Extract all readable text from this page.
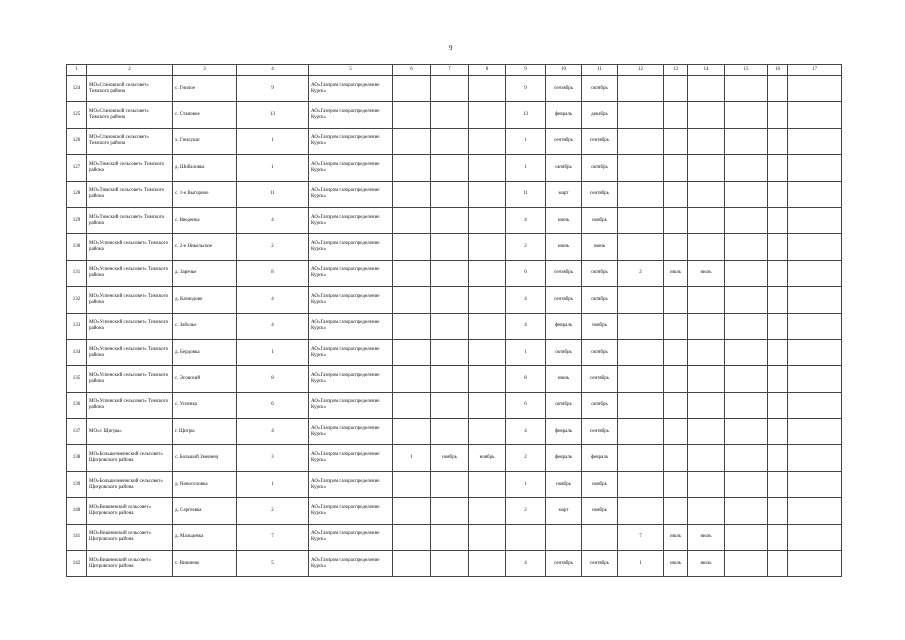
9
1	2	3	4	5	6	7	8	9	10	11	12	13	14	15	16	17
124	МО«Становской сельсовет» Тимского района	с. Гнилое	9	АО«Газпром газораспределение Курск»				9	сентябрь	октябрь						
125	МО«Становской сельсовет» Тимского района	с. Становое	13	АО«Газпром газораспределение Курск»				13	февраль	декабрь						
126	МО«Становской сельсовет» Тимского района	х. Гнилуши	1	АО«Газпром газораспределение Курск»				1	сентябрь	сентябрь						
127	МО«Тимский сельсовет» Тимского района	д. Шибаловка	1	АО«Газпром газораспределение Курск»				1	октябрь	октябрь						
128	МО«Тимский сельсовет» Тимского района	с. 1-е Выгорное	11	АО«Газпром газораспределение Курск»				11	март	сентябрь						
129	МО«Тимский сельсовет» Тимского района	с. Введенка	4	АО«Газпром газораспределение Курск»				4	июнь	ноябрь						
130	МО«Успенский сельсовет» Тимского района	с. 2-е Никольское	2	АО«Газпром газораспределение Курск»				2	июнь	июнь						
131	МО«Успенский сельсовет» Тимского района	д. Заречье	8	АО«Газпром газораспределение Курск»				6	сентябрь	октябрь	2	июль	июль			
132	МО«Успенский сельсовет» Тимского района	д. Казнодово	4	АО«Газпром газораспределение Курск»				4	сентябрь	октябрь						
133	МО«Успенский сельсовет» Тимского района	с. Заболье	4	АО«Газпром газораспределение Курск»				4	февраль	ноябрь						
134	МО«Успенский сельсовет» Тимского района	д. Бердовка	1	АО«Газпром газораспределение Курск»				1	октябрь	октябрь						
135	МО«Успенский сельсовет» Тимского района	с. Эсовский	8	АО«Газпром газораспределение Курск»				8	июнь	сентябрь						
136	МО«Успенский сельсовет» Тимского района	с. Успенка	6	АО«Газпром газораспределение Курск»				6	октябрь	октябрь						
137	МО«г. Щигры»	г. Щигры	4	АО«Газпром газораспределение Курск»				4	февраль	сентябрь						
138	МО«Большезмеинский сельсовет» Щигровского района	с. Большой Змеинец	3	АО«Газпром газораспределение Курск»	1	ноябрь	ноябрь	2	февраль	февраль						
139	МО«Большезмеинский сельсовет» Щигровского района	д. Новоселовка	1	АО«Газпром газораспределение Курск»				1	ноябрь	ноябрь						
140	МО«Вишневский сельсовет» Щигровского района	д. Сергеевка	2	АО«Газпром газораспределение Курск»				2	март	ноябрь						
141	МО«Вишневский сельсовет» Щигровского района	д. Мальцевка	7	АО«Газпром газораспределение Курск»							7	июль	июль			
142	МО«Вишневский сельсовет» Щигровского района	с. Вишнево	5	АО«Газпром газораспределение Курск»				4	сентябрь	сентябрь	1	июль	июль			
